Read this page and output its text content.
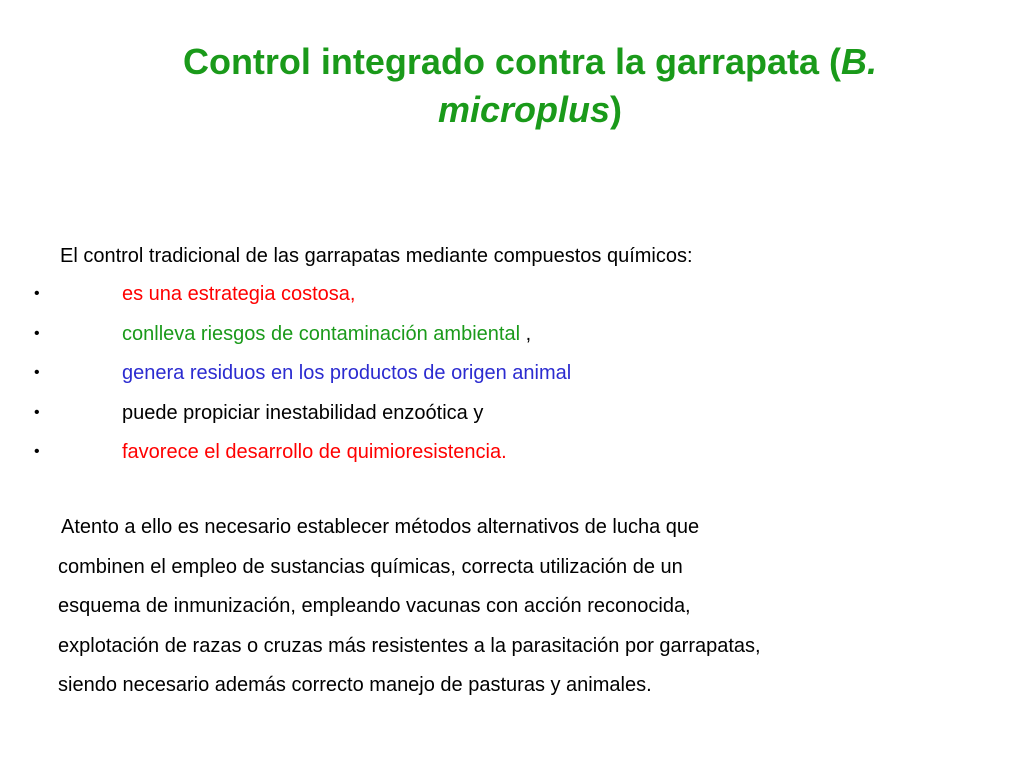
Control integrado contra la garrapata (B. microplus)
El control tradicional de las garrapatas mediante compuestos químicos:
•	es una estrategia costosa,
•	conlleva riesgos de contaminación ambiental ,
•	genera residuos en los productos de origen animal
•	puede propiciar inestabilidad enzoótica y
•	favorece el desarrollo de quimioresistencia.
Atento a ello es necesario establecer métodos alternativos de lucha que
combinen el empleo de sustancias químicas, correcta utilización de un
esquema de inmunización, empleando vacunas con acción reconocida,
explotación de razas o cruzas más resistentes a la parasitación por garrapatas,
siendo necesario además correcto manejo de pasturas y animales.
